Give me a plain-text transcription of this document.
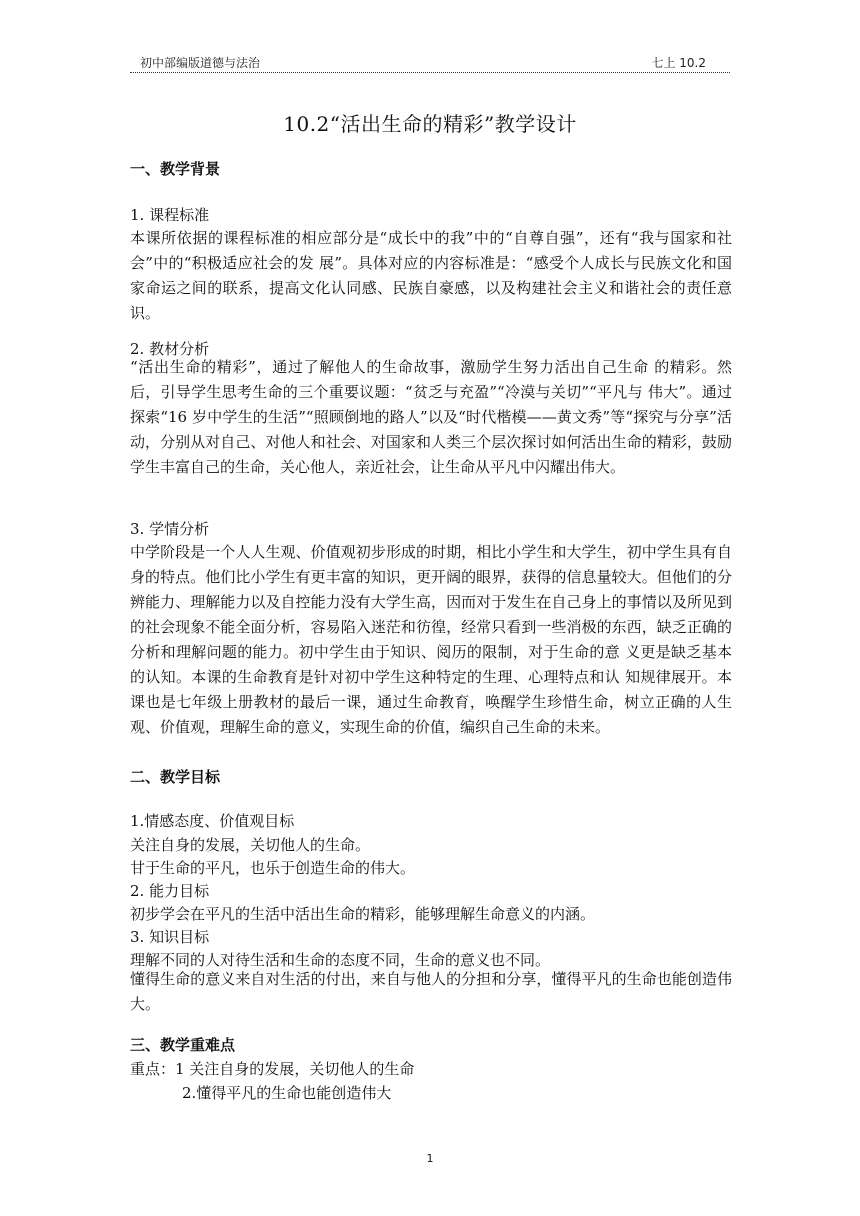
初中部编版道德与法治	七上 10.2
10.2“活出生命的精彩”教学设计
一、教学背景
1. 课程标准
本课所依据的课程标准的相应部分是“成长中的我”中的“自尊自强”，还有“我与国家和社会”中的“积极适应社会的发 展”。具体对应的内容标准是：“感受个人成长与民族文化和国家命运之间的联系，提高文化认同感、民族自豪感，以及构建社会主义和谐社会的责任意识。
2. 教材分析
“活出生命的精彩”，通过了解他人的生命故事，激励学生努力活出自己生命 的精彩。然后，引导学生思考生命的三个重要议题：“贫乏与充盈”“冷漠与关切”“平凡与 伟大”。通过探索“16 岁中学生的生活”“照顾倒地的路人”以及“时代楷模——黄文秀”等“探究与分享”活动，分别从对自己、对他人和社会、对国家和人类三个层次探讨如何活出生命的精彩，鼓励学生丰富自己的生命，关心他人，亲近社会，让生命从平凡中闪耀出伟大。
3. 学情分析
中学阶段是一个人人生观、价值观初步形成的时期，相比小学生和大学生，初中学生具有自身的特点。他们比小学生有更丰富的知识，更开阔的眼界，获得的信息量较大。但他们的分辨能力、理解能力以及自控能力没有大学生高，因而对于发生在自己身上的事情以及所见到的社会现象不能全面分析，容易陷入迷茫和彷徨，经常只看到一些消极的东西，缺乏正确的分析和理解问题的能力。初中学生由于知识、阅历的限制，对于生命的意 义更是缺乏基本的认知。本课的生命教育是针对初中学生这种特定的生理、心理特点和认 知规律展开。本课也是七年级上册教材的最后一课，通过生命教育，唤醒学生珍惜生命，树立正确的人生观、价值观，理解生命的意义，实现生命的价值，编织自己生命的未来。
二、教学目标
1.情感态度、价值观目标
关注自身的发展，关切他人的生命。
甘于生命的平凡，也乐于创造生命的伟大。
2. 能力目标
初步学会在平凡的生活中活出生命的精彩，能够理解生命意义的内涵。
3. 知识目标
理解不同的人对待生活和生命的态度不同，生命的意义也不同。
懂得生命的意义来自对生活的付出，来自与他人的分担和分享，懂得平凡的生命也能创造伟大。
三、教学重难点
重点：1 关注自身的发展，关切他人的生命
2.懂得平凡的生命也能创造伟大
1
